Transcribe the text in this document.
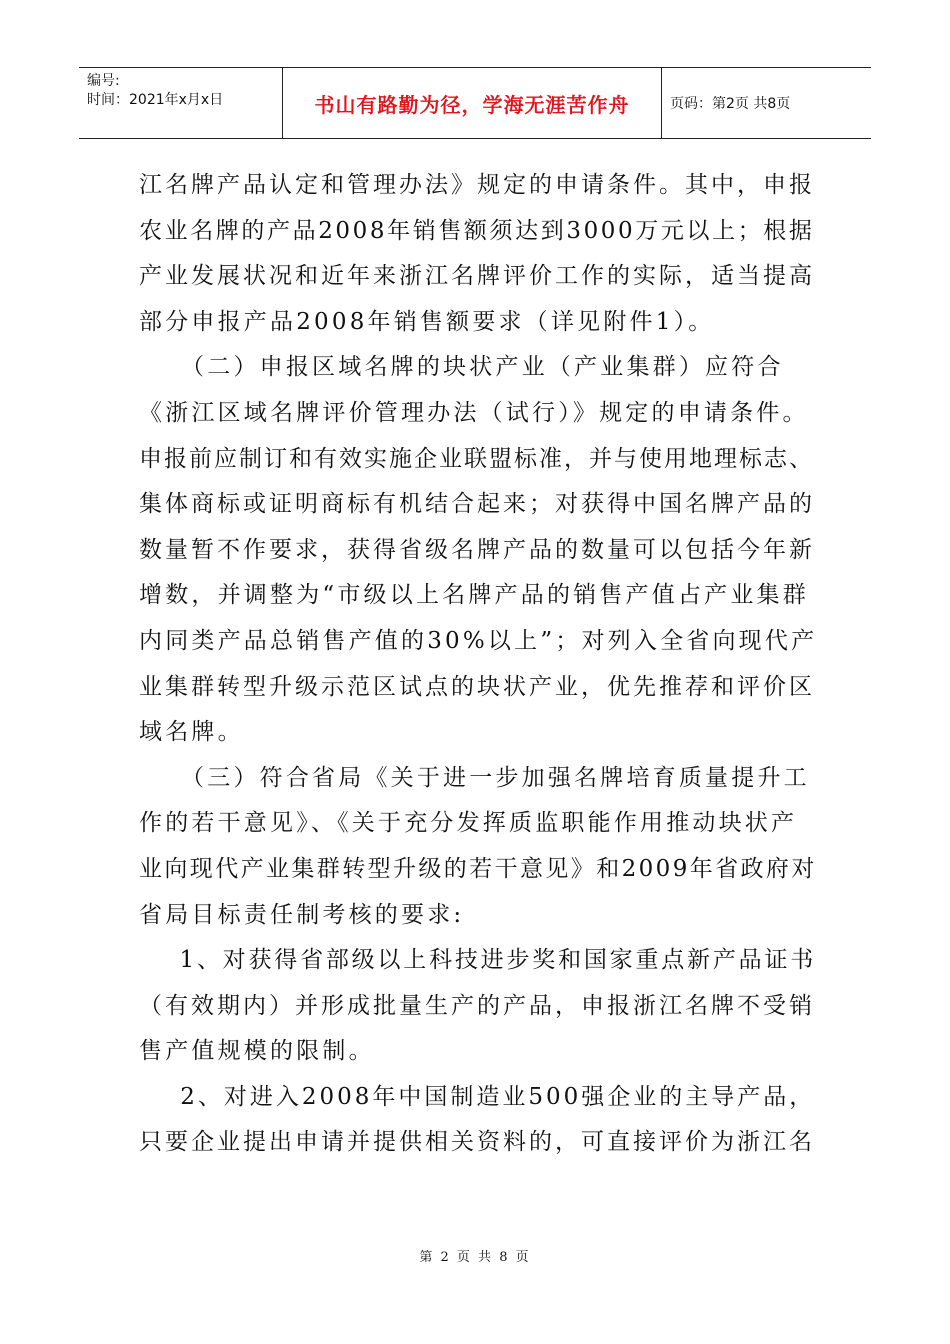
编号:
时间：2021年x月x日	书山有路勤为径，学海无涯苦作舟	页码：第2页 共8页
江名牌产品认定和管理办法》规定的申请条件。其中，申报
农业名牌的产品2008年销售额须达到3000万元以上；根据
产业发展状况和近年来浙江名牌评价工作的实际，适当提高
部分申报产品2008年销售额要求（详见附件1）。
（二）申报区域名牌的块状产业（产业集群）应符合
《浙江区域名牌评价管理办法（试行）》规定的申请条件。
申报前应制订和有效实施企业联盟标准，并与使用地理标志、
集体商标或证明商标有机结合起来；对获得中国名牌产品的
数量暂不作要求，获得省级名牌产品的数量可以包括今年新
增数，并调整为“市级以上名牌产品的销售产值占产业集群
内同类产品总销售产值的30%以上”；对列入全省向现代产
业集群转型升级示范区试点的块状产业，优先推荐和评价区
域名牌。
（三）符合省局《关于进一步加强名牌培育质量提升工
作的若干意见》、《关于充分发挥质监职能作用推动块状产
业向现代产业集群转型升级的若干意见》和2009年省政府对
省局目标责任制考核的要求:
1、对获得省部级以上科技进步奖和国家重点新产品证书
（有效期内）并形成批量生产的产品，申报浙江名牌不受销
售产值规模的限制。
2、对进入2008年中国制造业500强企业的主导产品，
只要企业提出申请并提供相关资料的，可直接评价为浙江名
第 2 页 共 8 页
